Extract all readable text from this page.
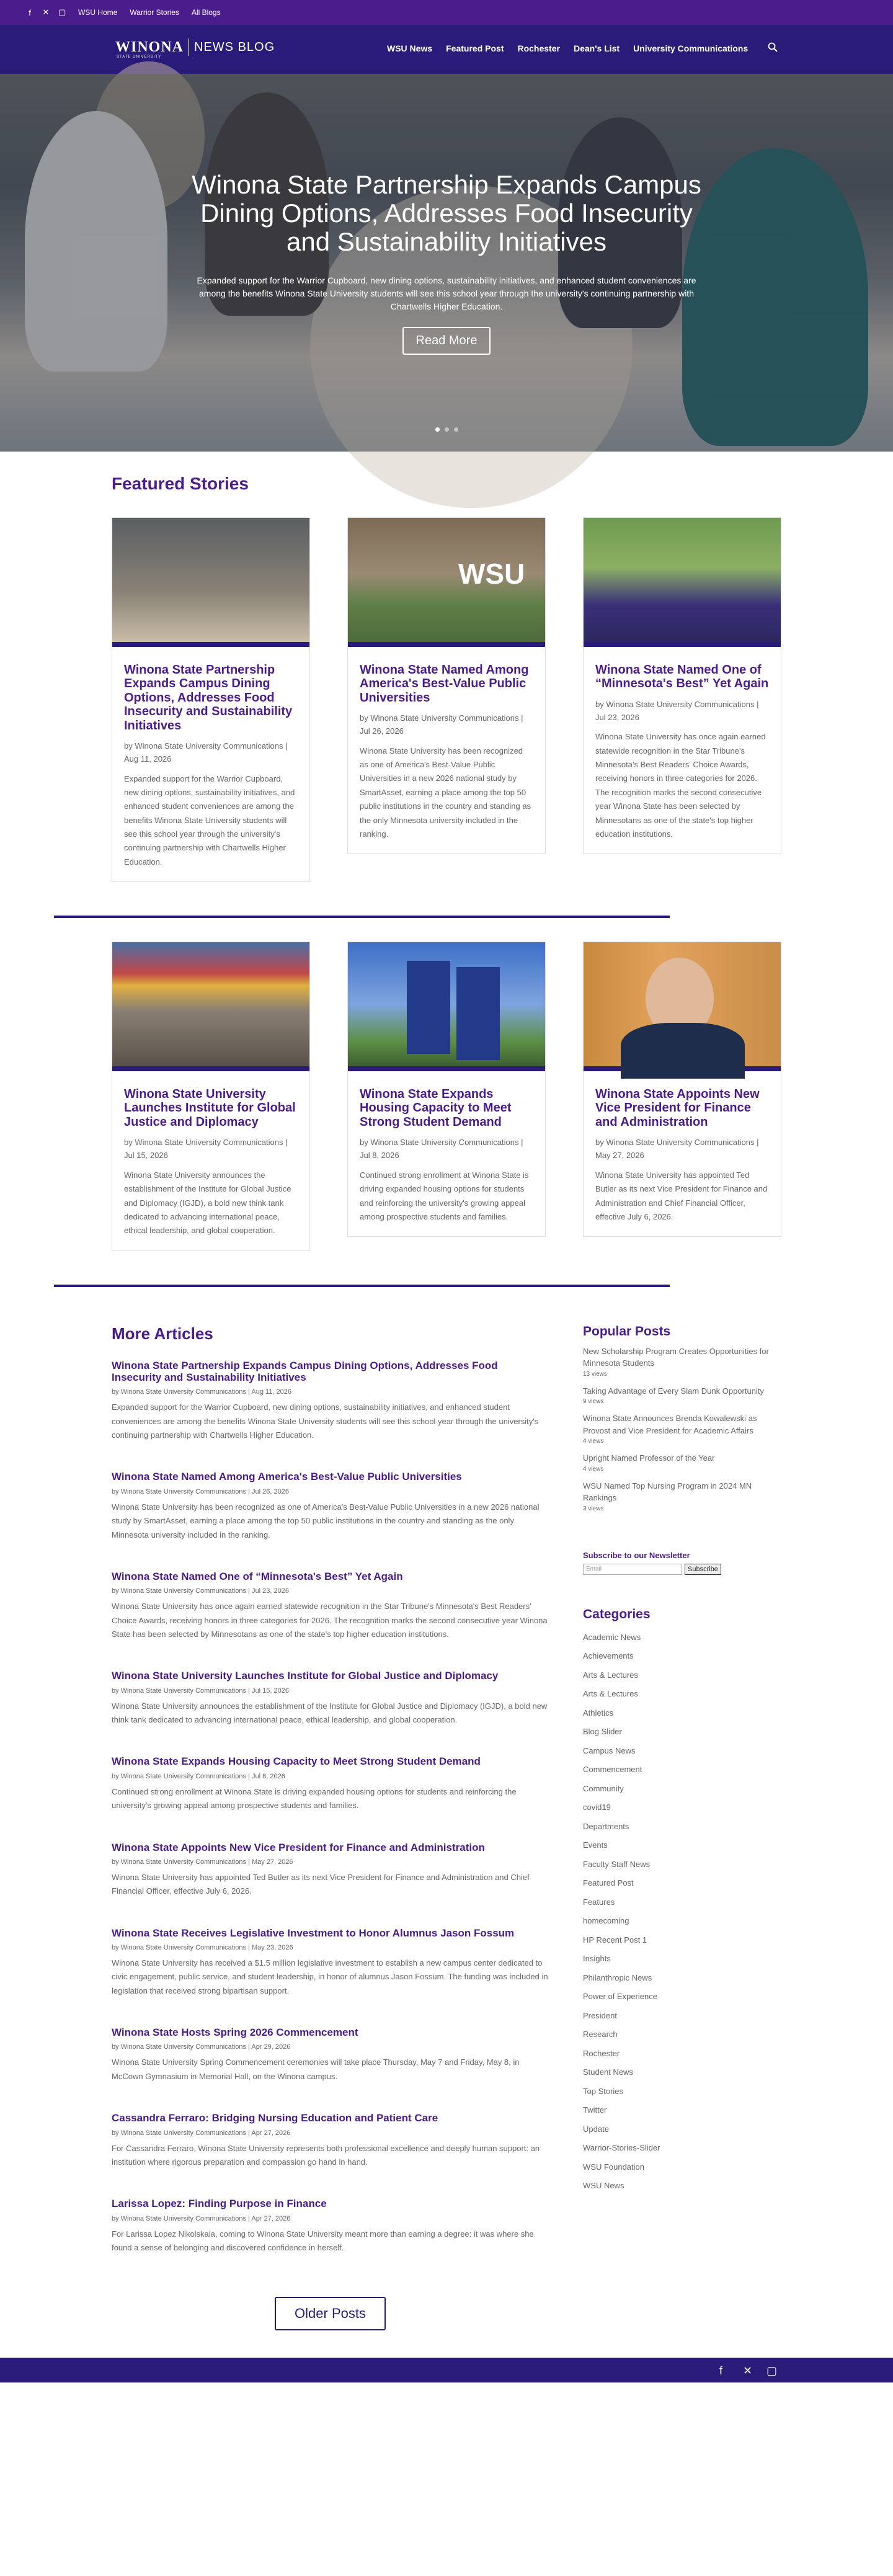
f	✕ ▢ WSU Home Warrior Stories All Blogs
WINONA
STATE UNIVERSITY
NEWS BLOG	WSU News Featured Post Rochester Dean's List University Communications
Winona State Partnership Expands Campus Dining Options, Addresses Food Insecurity and Sustainability Initiatives

Expanded support for the Warrior Cupboard, new dining options, sustainability initiatives, and enhanced student conveniences are among the benefits Winona State University students will see this school year through the university's continuing partnership with Chartwells Higher Education.

Read More
Featured Stories
Winona State Partnership Expands Campus Dining Options, Addresses Food Insecurity and Sustainability Initiatives

by Winona State University Communications | Aug 11, 2026

Expanded support for the Warrior Cupboard, new dining options, sustainability initiatives, and enhanced student conveniences are among the benefits Winona State University students will see this school year through the university's continuing partnership with Chartwells Higher Education.

WSU
Winona State Named Among America's Best-Value Public Universities

by Winona State University Communications | Jul 26, 2026

Winona State University has been recognized as one of America's Best-Value Public Universities in a new 2026 national study by SmartAsset, earning a place among the top 50 public institutions in the country and standing as the only Minnesota university included in the ranking.

Winona State Named One of “Minnesota's Best” Yet Again

by Winona State University Communications | Jul 23, 2026

Winona State University has once again earned statewide recognition in the Star Tribune's Minnesota's Best Readers' Choice Awards, receiving honors in three categories for 2026. The recognition marks the second consecutive year Winona State has been selected by Minnesotans as one of the state's top higher education institutions.

Winona State University Launches Institute for Global Justice and Diplomacy

by Winona State University Communications | Jul 15, 2026

Winona State University announces the establishment of the Institute for Global Justice and Diplomacy (IGJD), a bold new think tank dedicated to advancing international peace, ethical leadership, and global cooperation.

Winona State Expands Housing Capacity to Meet Strong Student Demand

by Winona State University Communications | Jul 8, 2026

Continued strong enrollment at Winona State is driving expanded housing options for students and reinforcing the university's growing appeal among prospective students and families.

Winona State Appoints New Vice President for Finance and Administration

by Winona State University Communications | May 27, 2026

Winona State University has appointed Ted Butler as its next Vice President for Finance and Administration and Chief Financial Officer, effective July 6, 2026.

More Articles
Winona State Partnership Expands Campus Dining Options, Addresses Food Insecurity and Sustainability Initiatives

by Winona State University Communications | Aug 11, 2026

Expanded support for the Warrior Cupboard, new dining options, sustainability initiatives, and enhanced student conveniences are among the benefits Winona State University students will see this school year through the university's continuing partnership with Chartwells Higher Education.

Winona State Named Among America's Best-Value Public Universities

by Winona State University Communications | Jul 26, 2026

Winona State University has been recognized as one of America's Best-Value Public Universities in a new 2026 national study by SmartAsset, earning a place among the top 50 public institutions in the country and standing as the only Minnesota university included in the ranking.

Winona State Named One of “Minnesota's Best” Yet Again

by Winona State University Communications | Jul 23, 2026

Winona State University has once again earned statewide recognition in the Star Tribune's Minnesota's Best Readers' Choice Awards, receiving honors in three categories for 2026. The recognition marks the second consecutive year Winona State has been selected by Minnesotans as one of the state's top higher education institutions.

Winona State University Launches Institute for Global Justice and Diplomacy

by Winona State University Communications | Jul 15, 2026

Winona State University announces the establishment of the Institute for Global Justice and Diplomacy (IGJD), a bold new think tank dedicated to advancing international peace, ethical leadership, and global cooperation.

Winona State Expands Housing Capacity to Meet Strong Student Demand

by Winona State University Communications | Jul 8, 2026

Continued strong enrollment at Winona State is driving expanded housing options for students and reinforcing the university's growing appeal among prospective students and families.

Winona State Appoints New Vice President for Finance and Administration

by Winona State University Communications | May 27, 2026

Winona State University has appointed Ted Butler as its next Vice President for Finance and Administration and Chief Financial Officer, effective July 6, 2026.

Winona State Receives Legislative Investment to Honor Alumnus Jason Fossum

by Winona State University Communications | May 23, 2026

Winona State University has received a $1.5 million legislative investment to establish a new campus center dedicated to civic engagement, public service, and student leadership, in honor of alumnus Jason Fossum. The funding was included in legislation that received strong bipartisan support.

Winona State Hosts Spring 2026 Commencement

by Winona State University Communications | Apr 29, 2026

Winona State University Spring Commencement ceremonies will take place Thursday, May 7 and Friday, May 8, in McCown Gymnasium in Memorial Hall, on the Winona campus.

Cassandra Ferraro: Bridging Nursing Education and Patient Care

by Winona State University Communications | Apr 27, 2026

For Cassandra Ferraro, Winona State University represents both professional excellence and deeply human support: an institution where rigorous preparation and compassion go hand in hand.

Larissa Lopez: Finding Purpose in Finance

by Winona State University Communications | Apr 27, 2026

For Larissa Lopez Nikolskaia, coming to Winona State University meant more than earning a degree: it was where she found a sense of belonging and discovered confidence in herself.

Popular Posts

New Scholarship Program Creates Opportunities for Minnesota Students

13 views

Taking Advantage of Every Slam Dunk Opportunity

9 views

Winona State Announces Brenda Kowalewski as Provost and Vice President for Academic Affairs

4 views

Upright Named Professor of the Year

4 views

WSU Named Top Nursing Program in 2024 MN Rankings

3 views

Subscribe to our Newsletter
Email	Subscribe
Categories
Academic News
Achievements
Arts & Lectures
Arts & Lectures
Athletics
Blog Slider
Campus News
Commencement
Community
covid19
Departments
Events
Faculty Staff News
Featured Post
Features
homecoming
HP Recent Post 1
Insights
Philanthropic News
Power of Experience
President
Research
Rochester
Student News
Top Stories
Twitter
Update
Warrior-Stories-Slider
WSU Foundation
WSU News
Older Posts
f ✕ ▢
